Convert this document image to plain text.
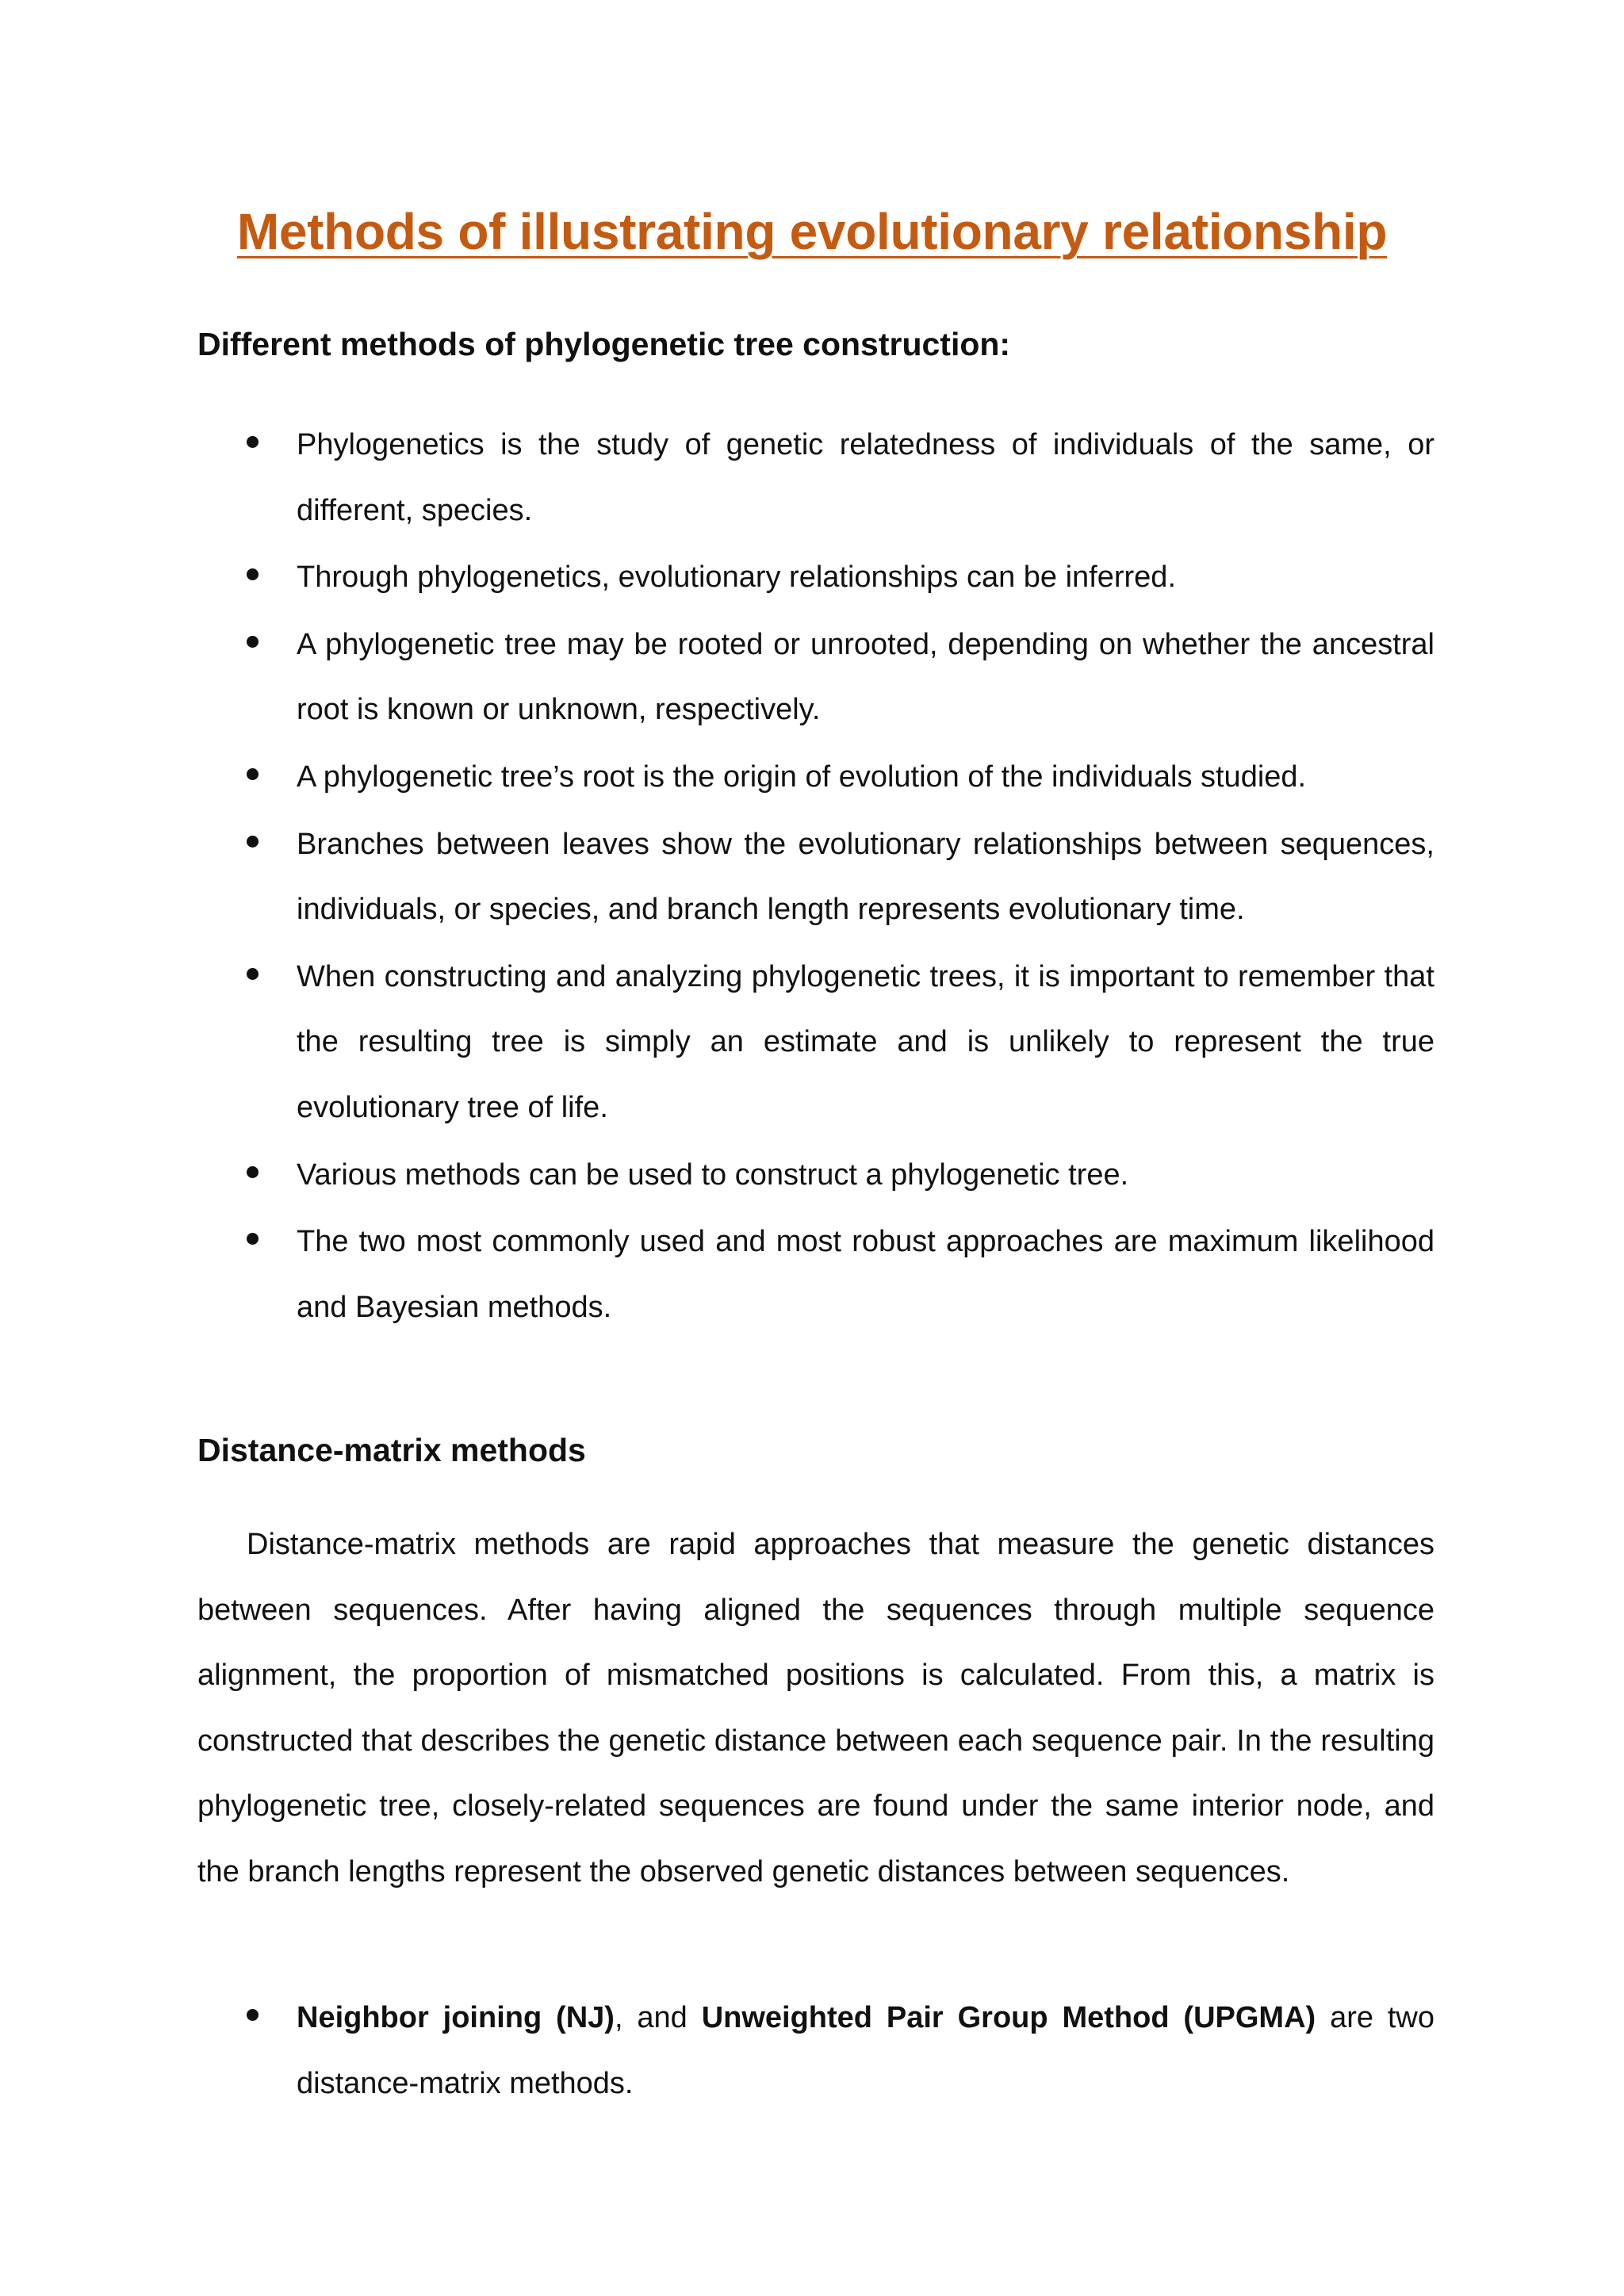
Methods of illustrating evolutionary relationship
Different methods of phylogenetic tree construction:
Phylogenetics is the study of genetic relatedness of individuals of the same, or different, species.
Through phylogenetics, evolutionary relationships can be inferred.
A phylogenetic tree may be rooted or unrooted, depending on whether the ancestral root is known or unknown, respectively.
A phylogenetic tree’s root is the origin of evolution of the individuals studied.
Branches between leaves show the evolutionary relationships between sequences, individuals, or species, and branch length represents evolutionary time.
When constructing and analyzing phylogenetic trees, it is important to remember that the resulting tree is simply an estimate and is unlikely to represent the true evolutionary tree of life.
Various methods can be used to construct a phylogenetic tree.
The two most commonly used and most robust approaches are maximum likelihood and Bayesian methods.
Distance-matrix methods

Distance-matrix methods are rapid approaches that measure the genetic distances between sequences. After having aligned the sequences through multiple sequence alignment, the proportion of mismatched positions is calculated. From this, a matrix is constructed that describes the genetic distance between each sequence pair. In the resulting phylogenetic tree, closely-related sequences are found under the same interior node, and the branch lengths represent the observed genetic distances between sequences.

Neighbor joining (NJ), and Unweighted Pair Group Method (UPGMA) are two distance-matrix methods.
